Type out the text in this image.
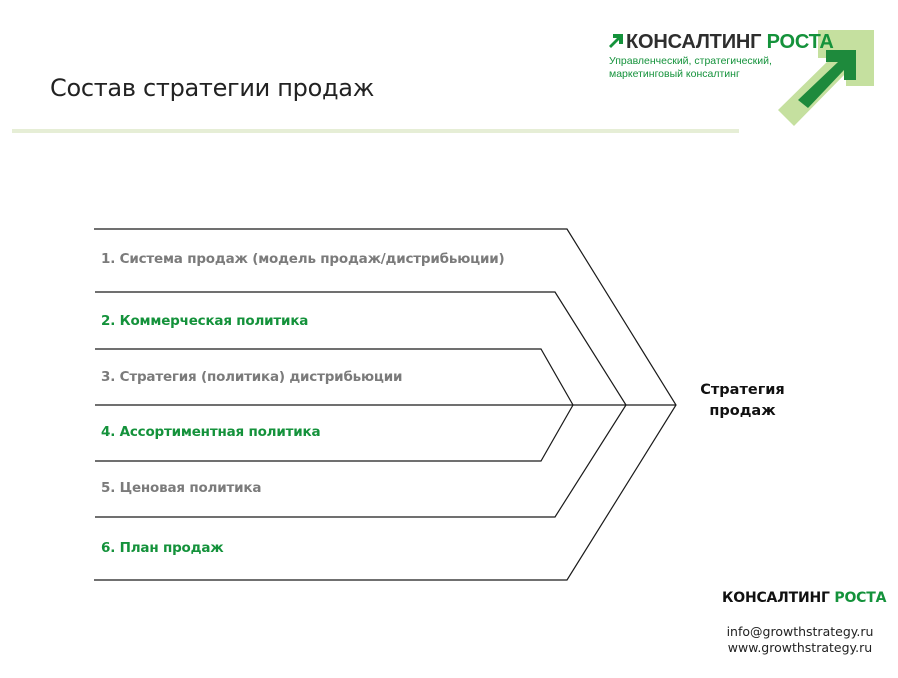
Состав стратегии продаж
КОНСАЛТИНГ РОСТА
Управленческий, стратегический, маркетинговый консалтинг
1. Система продаж (модель продаж/дистрибьюции)
2. Коммерческая политика
3. Стратегия (политика) дистрибьюции
4. Ассортиментная политика
5. Ценовая политика
6. План продаж
Стратегия
продаж
КОНСАЛТИНГ РОСТА
info@growthstrategy.ru
www.growthstrategy.ru
